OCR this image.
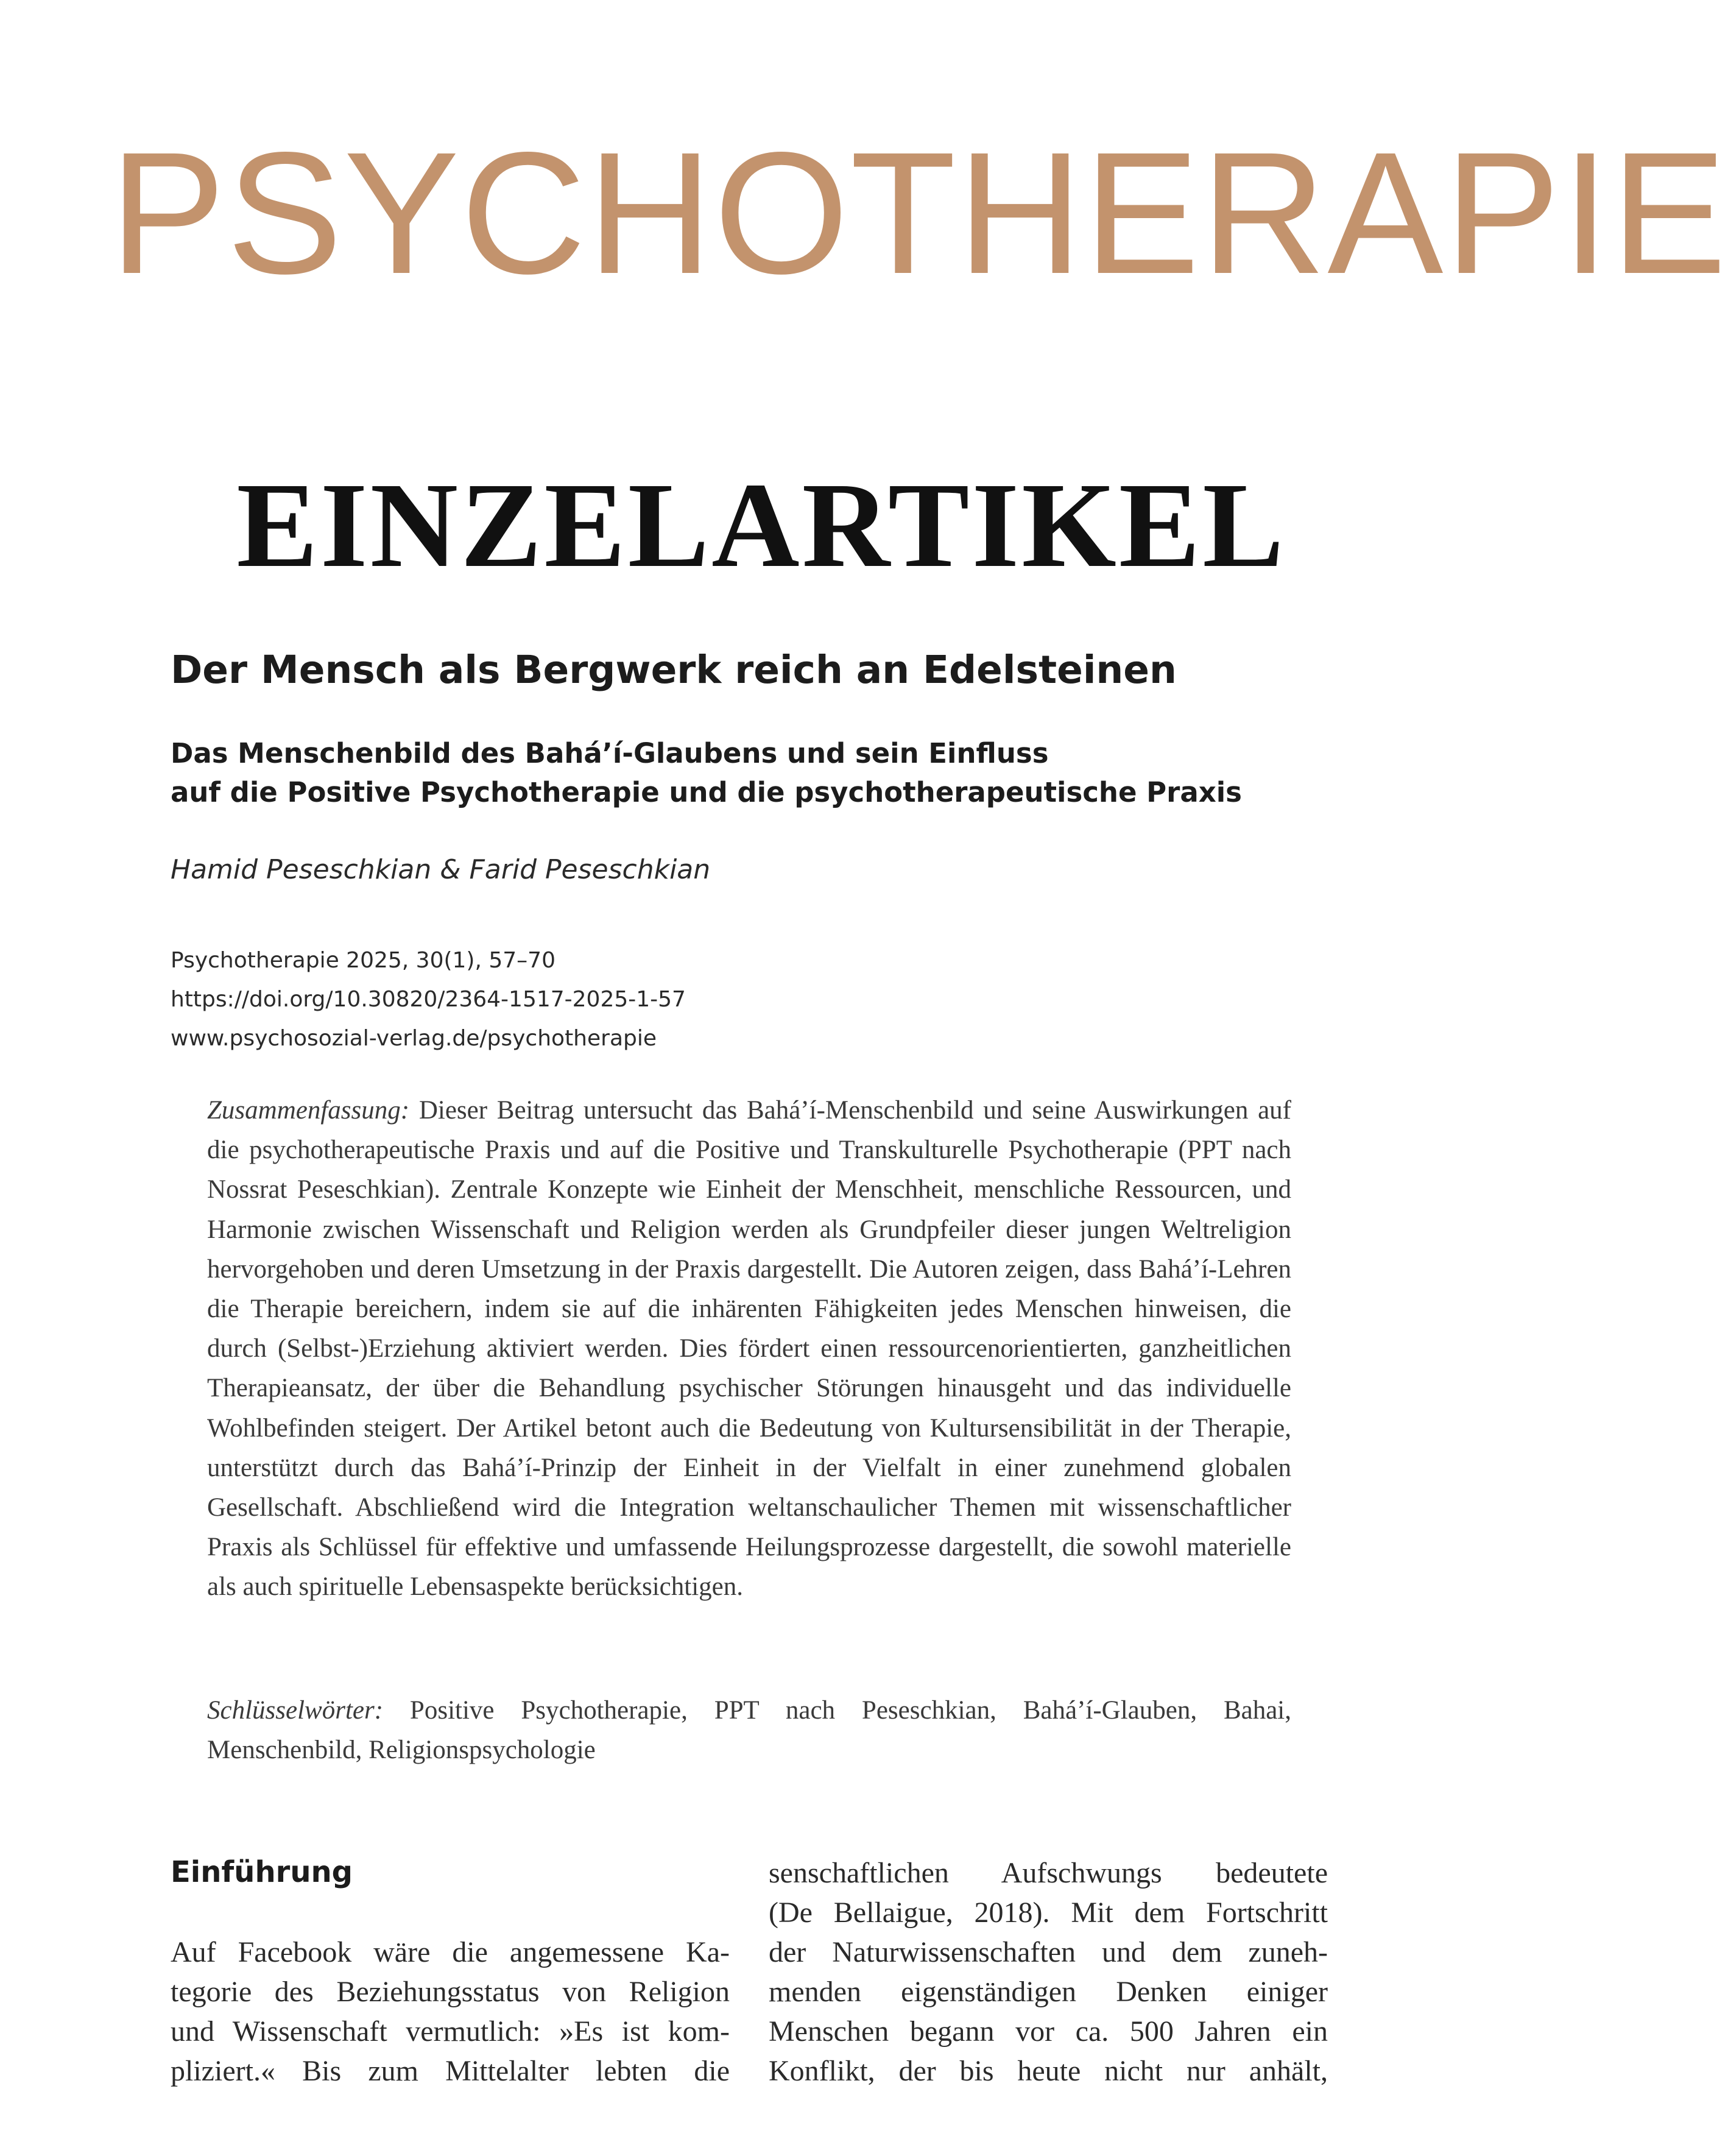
PSYCHOTHERAPIE
EINZELARTIKEL
Der Mensch als Bergwerk reich an Edelsteinen
Das Menschenbild des Bahá’í-Glaubens und sein Einfluss
auf die Positive Psychotherapie und die psychotherapeutische Praxis
Hamid Peseschkian & Farid Peseschkian
Psychotherapie 2025, 30(1), 57–70
https://doi.org/10.30820/2364-1517-2025-1-57
www.psychosozial-verlag.de/psychotherapie
Zusammenfassung: Dieser Beitrag untersucht das Bahá’í-Menschenbild und seine Auswirkungen auf die psychotherapeutische Praxis und auf die Positive und Transkulturelle Psychotherapie (PPT nach Nossrat Peseschkian). Zentrale Konzepte wie Einheit der Menschheit, menschliche Ressourcen, und Harmonie zwischen Wissenschaft und Religion werden als Grundpfeiler dieser jungen Weltreligion hervorgehoben und deren Umsetzung in der Praxis dargestellt. Die Autoren zeigen, dass Bahá’í-Lehren die Therapie bereichern, indem sie auf die inhärenten Fähigkeiten jedes Menschen hinweisen, die durch (Selbst-)Erziehung aktiviert werden. Dies fördert einen ressourcenorientierten, ganzheitlichen Therapieansatz, der über die Behandlung psychischer Störungen hinausgeht und das individuelle Wohlbefinden steigert. Der Artikel betont auch die Bedeutung von Kultursensibilität in der Therapie, unterstützt durch das Bahá’í-Prinzip der Einheit in der Vielfalt in einer zunehmend globalen Gesellschaft. Abschließend wird die Integration weltanschaulicher Themen mit wissenschaftlicher Praxis als Schlüssel für effektive und umfassende Heilungsprozesse dargestellt, die sowohl materielle als auch spirituelle Lebensaspekte berücksichtigen.
Schlüsselwörter: Positive Psychotherapie, PPT nach Peseschkian, Bahá’í-Glauben, Bahai, Menschenbild, Religionspsychologie
Einführung
Auf Facebook wäre die angemessene Ka-
tegorie des Beziehungsstatus von Religion
und Wissenschaft vermutlich: »Es ist kom-
pliziert.« Bis zum Mittelalter lebten die
senschaftlichen Aufschwungs bedeutete
(De Bellaigue, 2018). Mit dem Fortschritt
der Naturwissenschaften und dem zuneh-
menden eigenständigen Denken einiger
Menschen begann vor ca. 500 Jahren ein
Konflikt, der bis heute nicht nur anhält,
